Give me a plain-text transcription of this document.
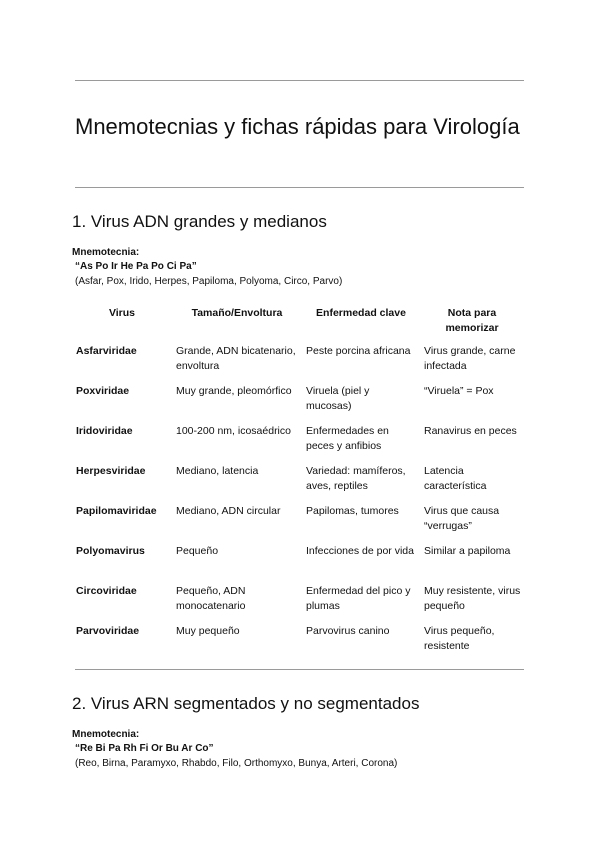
Mnemotecnias y fichas rápidas para Virología
1. Virus ADN grandes y medianos
Mnemotecnia:
“As Po Ir He Pa Po Ci Pa”
(Asfar, Pox, Irido, Herpes, Papiloma, Polyoma, Circo, Parvo)
Virus	Tamaño/Envoltura	Enfermedad clave	Nota para memorizar
Asfarviridae	Grande, ADN bicatenario, envoltura	Peste porcina africana	Virus grande, carne infectada
Poxviridae	Muy grande, pleomórfico	Viruela (piel y mucosas)	“Viruela” = Pox
Iridoviridae	100-200 nm, icosaédrico	Enfermedades en peces y anfibios	Ranavirus en peces
Herpesviridae	Mediano, latencia	Variedad: mamíferos, aves, reptiles	Latencia característica
Papilomaviridae	Mediano, ADN circular	Papilomas, tumores	Virus que causa “verrugas”
Polyomavirus	Pequeño	Infecciones de por vida	Similar a papiloma
Circoviridae	Pequeño, ADN monocatenario	Enfermedad del pico y plumas	Muy resistente, virus pequeño
Parvoviridae	Muy pequeño	Parvovirus canino	Virus pequeño, resistente
2. Virus ARN segmentados y no segmentados
Mnemotecnia:
“Re Bi Pa Rh Fi Or Bu Ar Co”
(Reo, Birna, Paramyxo, Rhabdo, Filo, Orthomyxo, Bunya, Arteri, Corona)
